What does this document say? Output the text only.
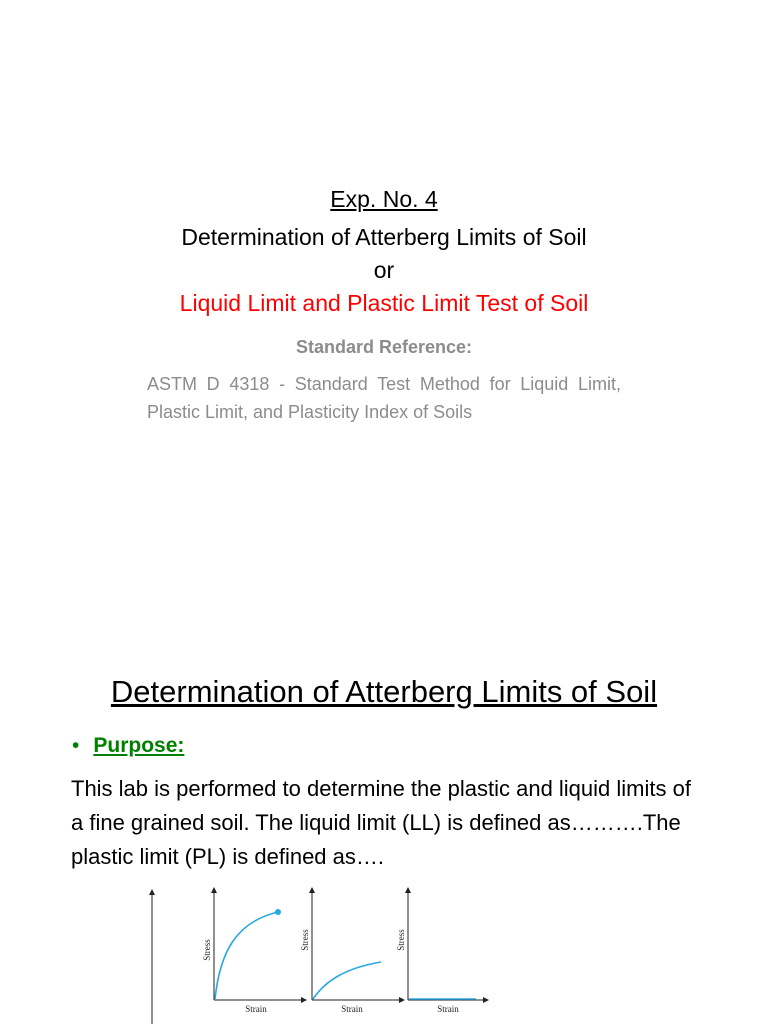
Exp. No. 4
Determination of Atterberg Limits of Soil
or
Liquid Limit and Plastic Limit Test of Soil
Standard Reference:
ASTM D 4318 - Standard Test Method for Liquid Limit, Plastic Limit, and Plasticity Index of Soils
Determination of Atterberg Limits of Soil
• Purpose:
This lab is performed to determine the plastic and liquid limits of a fine grained soil. The liquid limit (LL) is defined as……….The plastic limit (PL) is defined as….
Stress
Strain
Stress
Strain
Stress
Strain
